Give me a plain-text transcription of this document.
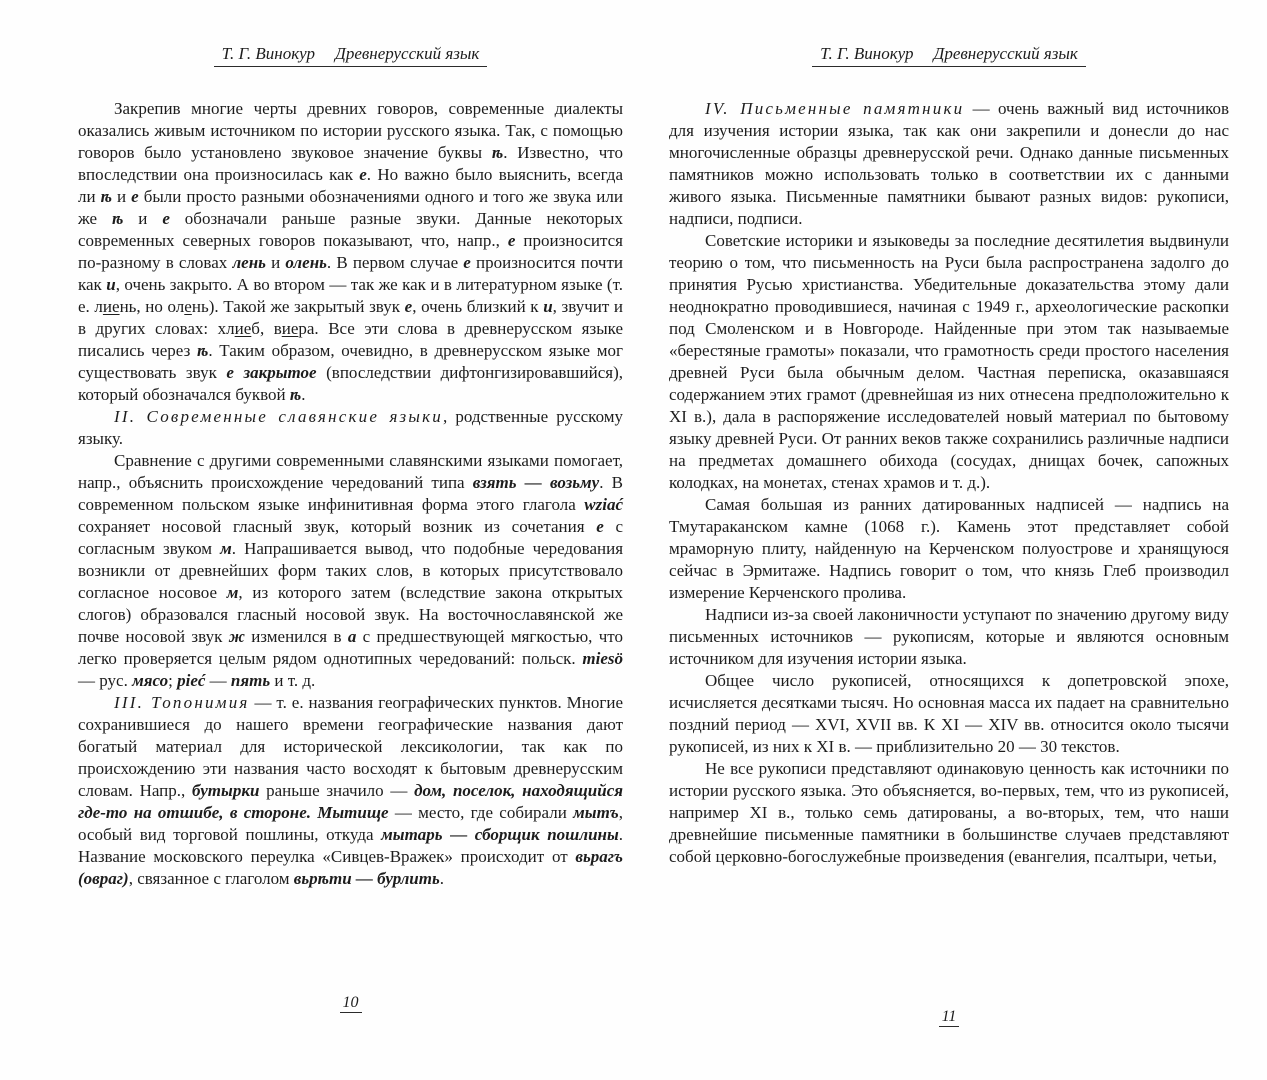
Т. Г. Винокур Древнерусский язык

Закрепив многие черты древних говоров, современные диалекты оказались живым источником по истории русского языка. Так, с помощью говоров было установлено звуковое значение буквы ѣ. Известно, что впоследствии она произносилась как е. Но важно было выяснить, всегда ли ѣ и е были просто разными обозначениями одного и того же звука или же ѣ и е обозначали раньше разные звуки. Данные некоторых современных северных говоров показывают, что, напр., е произносится по-разному в словах лень и олень. В первом случае е произносится почти как и, очень закрыто. А во втором — так же как и в литературном языке (т. е. лиень, но олень). Такой же закрытый звук е, очень близкий к и, звучит и в других словах: хлиеб, виера. Все эти слова в древнерусском языке писались через ѣ. Таким образом, очевидно, в древнерусском языке мог существовать звук е закрытое (впоследствии дифтонгизировавшийся), который обозначался буквой ѣ.

II. Современные славянские языки, родственные русскому языку.

Сравнение с другими современными славянскими языками помогает, напр., объяснить происхождение чередований типа взять — возьму. В современном польском языке инфинитивная форма этого глагола wziać сохраняет носовой гласный звук, который возник из сочетания е с согласным звуком м. Напрашивается вывод, что подобные чередования возникли от древнейших форм таких слов, в которых присутствовало согласное носовое м, из которого затем (вследствие закона открытых слогов) образовался гласный носовой звук. На восточнославянской же почве носовой звук ж изменился в а с предшествующей мягкостью, что легко проверяется целым рядом однотипных чередований: польск. miesö — рус. мясо; pieć — пять и т. д.

III. Топонимия — т. е. названия географических пунктов. Многие сохранившиеся до нашего времени географические названия дают богатый материал для исторической лексикологии, так как по происхождению эти названия часто восходят к бытовым древнерусским словам. Напр., бутырки раньше значило — дом, поселок, находящийся где-то на отшибе, в стороне. Мытище — место, где собирали мытъ, особый вид торговой пошлины, откуда мытарь — сборщик пошлины. Название московского переулка «Сивцев-Вражек» происходит от вьрагъ (овраг), связанное с глаголом вьрѣти — бурлить.

10
Т. Г. Винокур Древнерусский язык

IV. Письменные памятники — очень важный вид источников для изучения истории языка, так как они закрепили и донесли до нас многочисленные образцы древнерусской речи. Однако данные письменных памятников можно использовать только в соответствии их с данными живого языка. Письменные памятники бывают разных видов: рукописи, надписи, подписи.

Советские историки и языковеды за последние десятилетия выдвинули теорию о том, что письменность на Руси была распространена задолго до принятия Русью христианства. Убедительные доказательства этому дали неоднократно проводившиеся, начиная с 1949 г., археологические раскопки под Смоленском и в Новгороде. Найденные при этом так называемые «берестяные грамоты» показали, что грамотность среди простого населения древней Руси была обычным делом. Частная переписка, оказавшаяся содержанием этих грамот (древнейшая из них отнесена предположительно к XI в.), дала в распоряжение исследователей новый материал по бытовому языку древней Руси. От ранних веков также сохранились различные надписи на предметах домашнего обихода (сосудах, днищах бочек, сапожных колодках, на монетах, стенах храмов и т. д.).

Самая большая из ранних датированных надписей — надпись на Тмутараканском камне (1068 г.). Камень этот представляет собой мраморную плиту, найденную на Керченском полуострове и хранящуюся сейчас в Эрмитаже. Надпись говорит о том, что князь Глеб производил измерение Керченского пролива.

Надписи из-за своей лаконичности уступают по значению другому виду письменных источников — рукописям, которые и являются основным источником для изучения истории языка.

Общее число рукописей, относящихся к допетровской эпохе, исчисляется десятками тысяч. Но основная масса их падает на сравнительно поздний период — XVI, XVII вв. К XI — XIV вв. относится около тысячи рукописей, из них к XI в. — приблизительно 20 — 30 текстов.

Не все рукописи представляют одинаковую ценность как источники по истории русского языка. Это объясняется, во-первых, тем, что из рукописей, например XI в., только семь датированы, а во-вторых, тем, что наши древнейшие письменные памятники в большинстве случаев представляют собой церковно-богослужебные произведения (евангелия, псалтыри, четьи,

11
